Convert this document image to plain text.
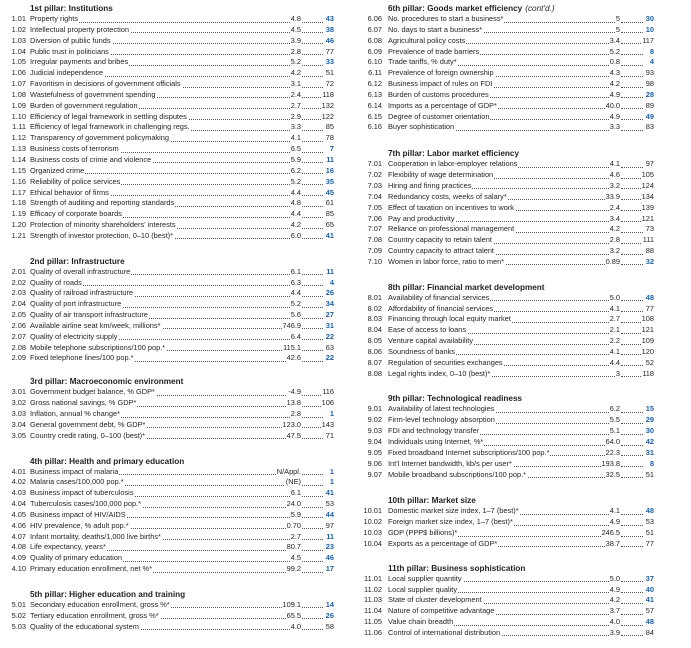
1st pillar: Institutions
1.01 Property rights	4.8	43
1.02 Intellectual property protection	4.5	38
1.03 Diversion of public funds	3.9	46
1.04 Public trust in politicians	2.8	77
1.05 Irregular payments and bribes	5.2	33
1.06 Judicial independence	4.2	51
1.07 Favoritism in decisions of government officials	3.1	72
1.08 Wastefulness of government spending	2.4	118
1.09 Burden of government regulation	2.7	132
1.10 Efficiency of legal framework in settling disputes	2.9	122
1.11 Efficiency of legal framework in challenging regs.	3.3	85
1.12 Transparency of government policymaking	4.1	78
1.13 Business costs of terrorism	6.5	7
1.14 Business costs of crime and violence	5.9	11
1.15 Organized crime	6.2	16
1.16 Reliability of police services	5.2	35
1.17 Ethical behavior of firms	4.4	45
1.18 Strength of auditing and reporting standards	4.8	61
1.19 Efficacy of corporate boards	4.4	85
1.20 Protection of minority shareholders' interests	4.2	65
1.21 Strength of investor protection, 0–10 (best)*	6.0	41
2nd pillar: Infrastructure
2.01 Quality of overall infrastructure	6.1	11
2.02 Quality of roads	6.3	4
2.03 Quality of railroad infrastructure	4.4	26
2.04 Quality of port infrastructure	5.2	34
2.05 Quality of air transport infrastructure	5.6	27
2.06 Available airline seat km/week, millions*	746.9	31
2.07 Quality of electricity supply	6.4	22
2.08 Mobile telephone subscriptions/100 pop.*	115.1	63
2.09 Fixed telephone lines/100 pop.*	42.6	22
3rd pillar: Macroeconomic environment
3.01 Government budget balance, % GDP*	-4.9	116
3.02 Gross national savings, % GDP*	13.8	106
3.03 Inflation, annual % change*	2.8	1
3.04 General government debt, % GDP*	123.0	143
3.05 Country credit rating, 0–100 (best)*	47.5	71
4th pillar: Health and primary education
4.01 Business impact of malaria	N/Appl.	1
4.02 Malaria cases/100,000 pop.*	(NE)	1
4.03 Business impact of tuberculosis	6.1	41
4.04 Tuberculosis cases/100,000 pop.*	24.0	53
4.05 Business impact of HIV/AIDS	5.9	44
4.06 HIV prevalence, % adult pop.*	0.70	97
4.07 Infant mortality, deaths/1,000 live births*	2.7	11
4.08 Life expectancy, years*	80.7	23
4.09 Quality of primary education	4.5	46
4.10 Primary education enrollment, net %*	99.2	17
5th pillar: Higher education and training
5.01 Secondary education enrollment, gross %*	109.1	14
5.02 Tertiary education enrollment, gross %*	65.5	26
5.03 Quality of the educational system	4.0	58
6th pillar: Goods market efficiency (cont'd.)
6.06 No. procedures to start a business*	5	30
6.07 No. days to start a business*	5	10
6.08 Agricultural policy costs	3.4	117
6.09 Prevalence of trade barriers	5.2	8
6.10 Trade tariffs, % duty*	0.8	4
6.11 Prevalence of foreign ownership	4.3	93
6.12 Business impact of rules on FDI	4.2	98
6.13 Burden of customs procedures	4.9	28
6.14 Imports as a percentage of GDP*	40.0	89
6.15 Degree of customer orientation	4.9	49
6.16 Buyer sophistication	3.3	83
7th pillar: Labor market efficiency
7.01 Cooperation in labor-employer relations	4.1	97
7.02 Flexibility of wage determination	4.6	105
7.03 Hiring and firing practices	3.2	124
7.04 Redundancy costs, weeks of salary*	33.9	134
7.05 Effect of taxation on incentives to work	2.4	139
7.06 Pay and productivity	3.4	121
7.07 Reliance on professional management	4.2	73
7.08 Country capacity to retain talent	2.8	111
7.09 Country capacity to attract talent	3.2	88
7.10 Women in labor force, ratio to men*	0.89	32
8th pillar: Financial market development
8.01 Availability of financial services	5.0	48
8.02 Affordability of financial services	4.1	77
8.03 Financing through local equity market	2.7	108
8.04 Ease of access to loans	2.1	121
8.05 Venture capital availability	2.2	109
8.06 Soundness of banks	4.1	120
8.07 Regulation of securities exchanges	4.4	52
8.08 Legal rights index, 0–10 (best)*	3	118
9th pillar: Technological readiness
9.01 Availability of latest technologies	6.2	15
9.02 Firm-level technology absorption	5.5	29
9.03 FDI and technology transfer	5.1	30
9.04 Individuals using Internet, %*	64.0	42
9.05 Fixed broadband Internet subscriptions/100 pop.*	22.3	31
9.06 Int'l Internet bandwidth, kb/s per user*	193.8	8
9.07 Mobile broadband subscriptions/100 pop.*	32.5	51
10th pillar: Market size
10.01 Domestic market size index, 1–7 (best)*	4.1	48
10.02 Foreign market size index, 1–7 (best)*	4.9	53
10.03 GDP (PPP$ billions)*	246.5	51
10.04 Exports as a percentage of GDP*	38.7	77
11th pillar: Business sophistication
11.01 Local supplier quantity	5.0	37
11.02 Local supplier quality	4.9	40
11.03 State of cluster development	4.2	41
11.04 Nature of competitive advantage	3.7	57
11.05 Value chain breadth	4.0	48
11.06 Control of international distribution	3.9	84
